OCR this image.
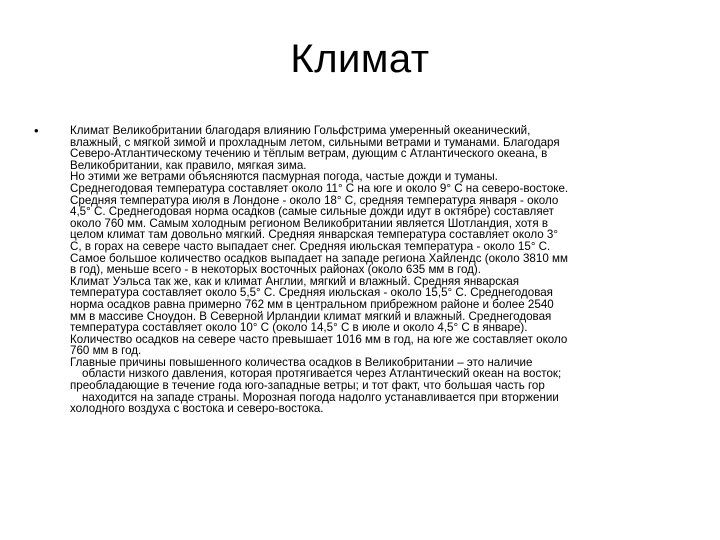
Климат
•	Климат Великобритании благодаря влиянию Гольфстрима умеренный океанический,
влажный, с мягкой зимой и прохладным летом, сильными ветрами и туманами. Благодаря
Северо-Атлантическому течению и тёплым ветрам, дующим с Атлантического океана, в
Великобритании, как правило, мягкая зима.
Но этими же ветрами объясняются пасмурная погода, частые дожди и туманы.
Среднегодовая температура составляет около 11° С на юге и около 9° С на северо-востоке.
Средняя температура июля в Лондоне - около 18° С, средняя температура января - около
4,5° С. Среднегодовая норма осадков (самые сильные дожди идут в октябре) составляет
около 760 мм. Самым холодным регионом Великобритании является Шотландия, хотя в
целом климат там довольно мягкий. Средняя январская температура составляет около 3°
С, в горах на севере часто выпадает снег. Средняя июльская температура - около 15° С.
Самое большое количество осадков выпадает на западе региона Хайлендс (около 3810 мм
в год), меньше всего - в некоторых восточных районах (около 635 мм в год).
Климат Уэльса так же, как и климат Англии, мягкий и влажный. Средняя январская
температура составляет около 5,5° С. Средняя июльская - около 15,5° С. Среднегодовая
норма осадков равна примерно 762 мм в центральном прибрежном районе и более 2540
мм в массиве Сноудон. В Северной Ирландии климат мягкий и влажный. Среднегодовая
температура составляет около 10° С (около 14,5° С в июле и около 4,5° С в январе).
Количество осадков на севере часто превышает 1016 мм в год, на юге же составляет около
760 мм в год.
Главные причины повышенного количества осадков в Великобритании – это наличие
области низкого давления, которая протягивается через Атлантический океан на восток;
преобладающие в течение года юго-западные ветры; и тот факт, что большая часть гор
находится на западе страны. Морозная погода надолго устанавливается при вторжении
холодного воздуха с востока и северо-востока.
